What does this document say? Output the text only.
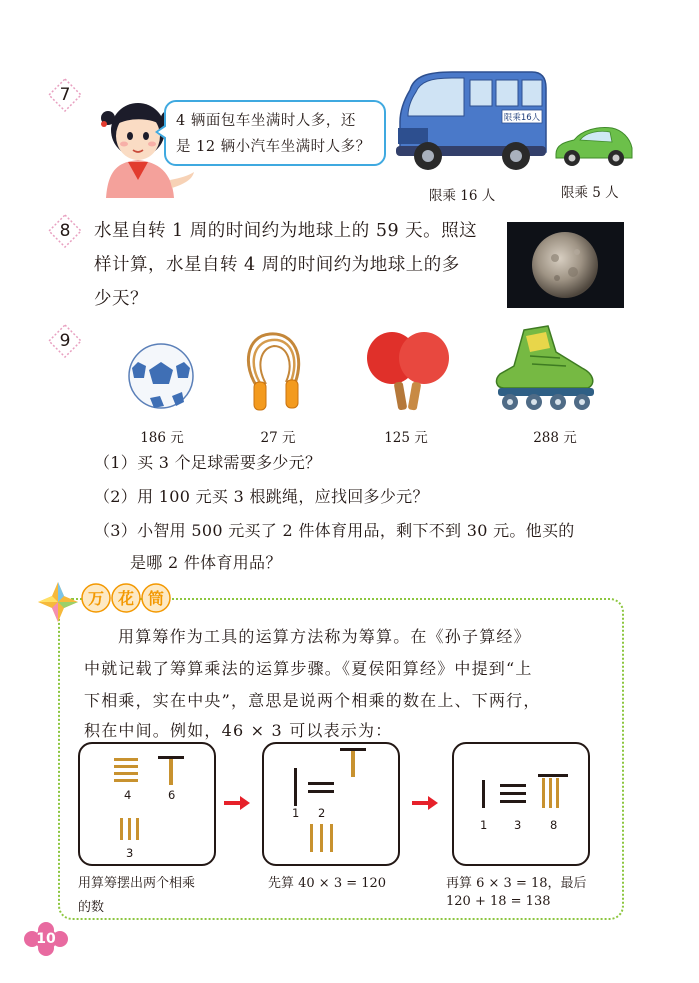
7
4 辆面包车坐满时人多，还
是 12 辆小汽车坐满时人多？
限乘16人
限乘 16 人	限乘 5 人
8	水星自转 1 周的时间约为地球上的 59 天。照这
样计算，水星自转 4 周的时间约为地球上的多
少天？
9
186 元	27 元	125 元	288 元
（1）买 3 个足球需要多少元？
（2）用 100 元买 3 根跳绳，应找回多少元？
（3）小智用 500 元买了 2 件体育用品，剩下不到 30 元。他买的
是哪 2 件体育用品？
万 花 筒
用算筹作为工具的运算方法称为筹算。在《孙子算经》
中就记载了筹算乘法的运算步骤。《夏侯阳算经》中提到“上
下相乘，实在中央”，意思是说两个相乘的数在上、下两行，
积在中间。例如，46 × 3 可以表示为：
4	6
3
1 2
1 3 8
用算筹摆出两个相乘
的数
先算 40 × 3 = 120	再算 6 × 3 = 18，最后
120 + 18 = 138
10
